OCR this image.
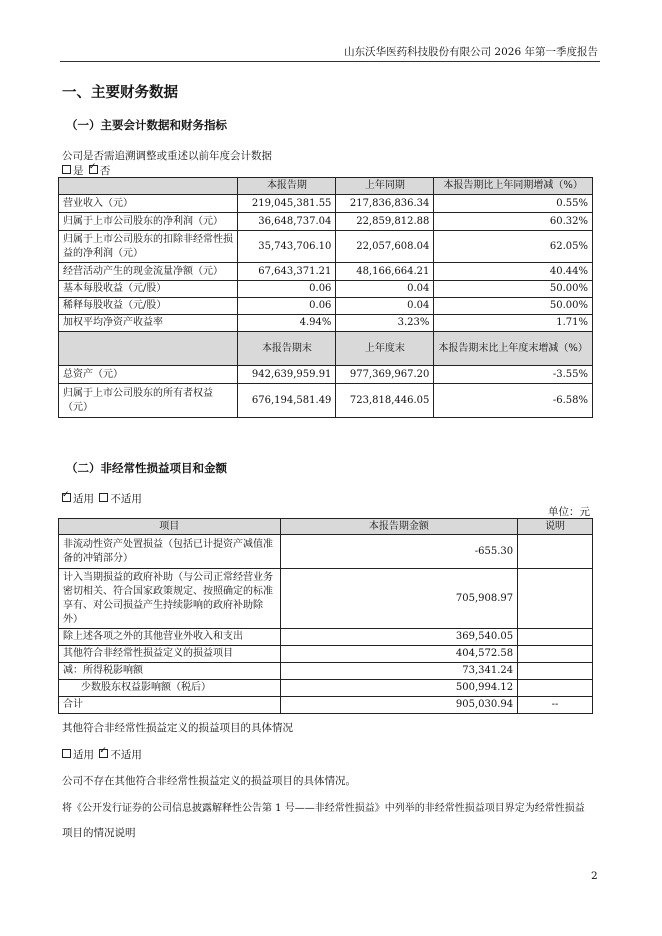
山东沃华医药科技股份有限公司 2026 年第一季度报告
一、主要财务数据
（一）主要会计数据和财务指标
公司是否需追溯调整或重述以前年度会计数据
是 ✓ 否
	本报告期	上年同期	本报告期比上年同期增减（%）
营业收入（元）	219,045,381.55	217,836,836.34	0.55%
归属于上市公司股东的净利润（元）	36,648,737.04	22,859,812.88	60.32%
归属于上市公司股东的扣除非经常性损益的净利润（元）	35,743,706.10	22,057,608.04	62.05%
经营活动产生的现金流量净额（元）	67,643,371.21	48,166,664.21	40.44%
基本每股收益（元/股）	0.06	0.04	50.00%
稀释每股收益（元/股）	0.06	0.04	50.00%
加权平均净资产收益率	4.94%	3.23%	1.71%
	本报告期末	上年度末	本报告期末比上年度末增减（%）
总资产（元）	942,639,959.91	977,369,967.20	-3.55%
归属于上市公司股东的所有者权益（元）	676,194,581.49	723,818,446.05	-6.58%
（二）非经常性损益项目和金额
✓适用 不适用
单位：元
项目	本报告期金额	说明
非流动性资产处置损益（包括已计提资产减值准备的冲销部分）	-655.30	
计入当期损益的政府补助（与公司正常经营业务密切相关、符合国家政策规定、按照确定的标准享有、对公司损益产生持续影响的政府补助除外）	705,908.97	
除上述各项之外的其他营业外收入和支出	369,540.05	
其他符合非经常性损益定义的损益项目	404,572.58	
减：所得税影响额	73,341.24	
少数股东权益影响额（税后）	500,994.12	
合计	905,030.94	--
其他符合非经常性损益定义的损益项目的具体情况
适用 ✓ 不适用
公司不存在其他符合非经常性损益定义的损益项目的具体情况。
将《公开发行证券的公司信息披露解释性公告第 1 号——非经常性损益》中列举的非经常性损益项目界定为经常性损益
项目的情况说明
2
